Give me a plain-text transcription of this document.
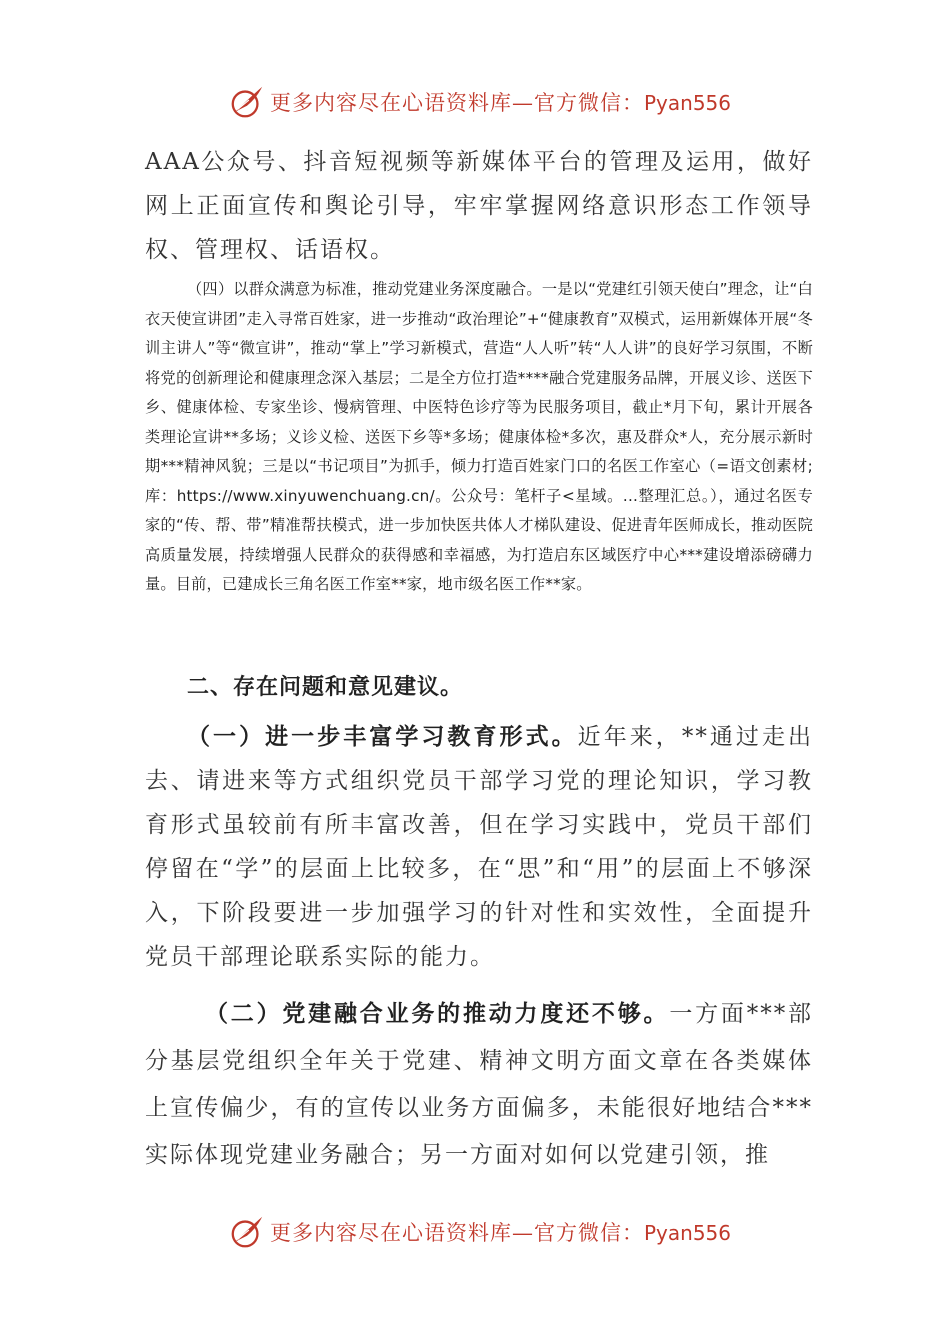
更多内容尽在心语资料库—官方微信：Pyan556

AAA公众号、抖音短视频等新媒体平台的管理及运用，做好网上正面宣传和舆论引导，牢牢掌握网络意识形态工作领导权、管理权、话语权。

（四）以群众满意为标准，推动党建业务深度融合。一是以“党建红引领天使白”理念，让“白衣天使宣讲团”走入寻常百姓家，进一步推动“政治理论”+“健康教育”双模式，运用新媒体开展“冬训主讲人”等“微宣讲”，推动“掌上”学习新模式，营造“人人听”转“人人讲”的良好学习氛围，不断将党的创新理论和健康理念深入基层；二是全方位打造****融合党建服务品牌，开展义诊、送医下乡、健康体检、专家坐诊、慢病管理、中医特色诊疗等为民服务项目，截止*月下旬，累计开展各类理论宣讲**多场；义诊义检、送医下乡等*多场；健康体检*多次，惠及群众*人，充分展示新时期***精神风貌；三是以“书记项目”为抓手，倾力打造百姓家门口的名医工作室心（=语文创素材;库：https://www.xinyuwenchuang.cn/。公众号：笔杆子<星域。...整理汇总。），通过名医专家的“传、帮、带”精准帮扶模式，进一步加快医共体人才梯队建设、促进青年医师成长，推动医院高质量发展，持续增强人民群众的获得感和幸福感，为打造启东区域医疗中心***建设增添磅礴力量。目前，已建成长三角名医工作室**家，地市级名医工作**家。

二、存在问题和意见建议。

（一）进一步丰富学习教育形式。近年来，**通过走出去、请进来等方式组织党员干部学习党的理论知识，学习教育形式虽较前有所丰富改善，但在学习实践中，党员干部们停留在“学”的层面上比较多，在“思”和“用”的层面上不够深入，下阶段要进一步加强学习的针对性和实效性，全面提升党员干部理论联系实际的能力。

（二）党建融合业务的推动力度还不够。一方面***部分基层党组织全年关于党建、精神文明方面文章在各类媒体上宣传偏少，有的宣传以业务方面偏多，未能很好地结合***实际体现党建业务融合；另一方面对如何以党建引领，推

更多内容尽在心语资料库—官方微信：Pyan556
